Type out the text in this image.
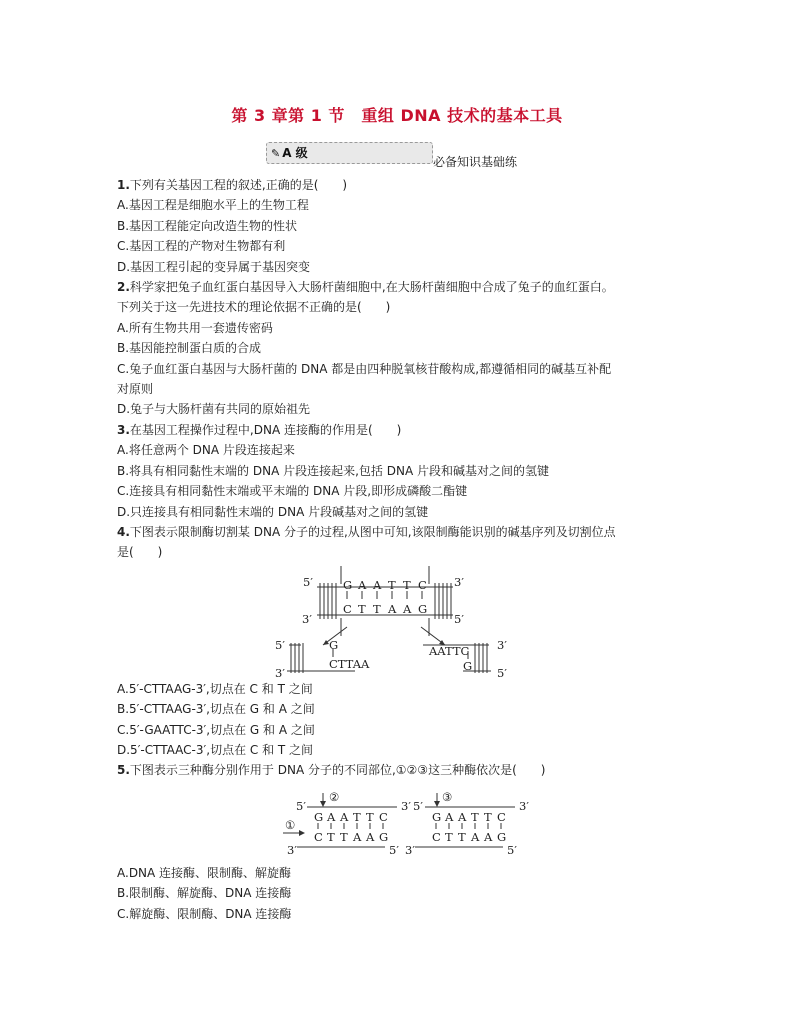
第 3 章第 1 节　重组 DNA 技术的基本工具
✎ A 级
必备知识基础练
1.下列有关基因工程的叙述,正确的是(　　)
A.基因工程是细胞水平上的生物工程
B.基因工程能定向改造生物的性状
C.基因工程的产物对生物都有利
D.基因工程引起的变异属于基因突变
2.科学家把兔子血红蛋白基因导入大肠杆菌细胞中,在大肠杆菌细胞中合成了兔子的血红蛋白。
下列关于这一先进技术的理论依据不正确的是(　　)
A.所有生物共用一套遗传密码
B.基因能控制蛋白质的合成
C.兔子血红蛋白基因与大肠杆菌的 DNA 都是由四种脱氧核苷酸构成,都遵循相同的碱基互补配
对原则
D.兔子与大肠杆菌有共同的原始祖先
3.在基因工程操作过程中,DNA 连接酶的作用是(　　)
A.将任意两个 DNA 片段连接起来
B.将具有相同黏性末端的 DNA 片段连接起来,包括 DNA 片段和碱基对之间的氢键
C.连接具有相同黏性末端或平末端的 DNA 片段,即形成磷酸二酯键
D.只连接具有相同黏性末端的 DNA 片段碱基对之间的氢键
4.下图表示限制酶切割某 DNA 分子的过程,从图中可知,该限制酶能识别的碱基序列及切割位点
是(　　)
5′	3′
3′	5′
G A A T T C
C T T A A G
5′
3′
G
CTTAA
3′
5′
AATTC
G
A.5′-CTTAAG-3′,切点在 C 和 T 之间
B.5′-CTTAAG-3′,切点在 G 和 A 之间
C.5′-GAATTC-3′,切点在 G 和 A 之间
D.5′-CTTAAC-3′,切点在 C 和 T 之间
5.下图表示三种酶分别作用于 DNA 分子的不同部位,①②③这三种酶依次是(　　)
5′	3′
②
G A A T T C
①
C T T A A G
3′	5′
5′	3′
③
G A A T T C
C T T A A G
3′	5′
A.DNA 连接酶、限制酶、解旋酶
B.限制酶、解旋酶、DNA 连接酶
C.解旋酶、限制酶、DNA 连接酶
